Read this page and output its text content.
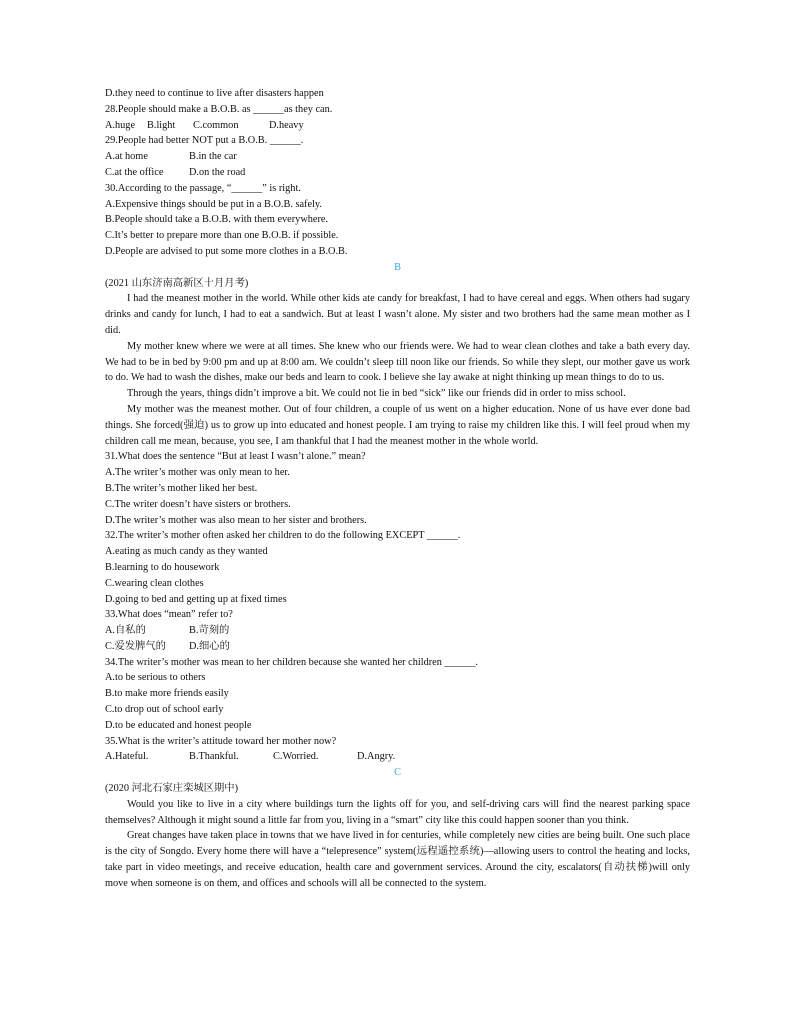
D.they need to continue to live after disasters happen
28.People should make a B.O.B. as ______as they can.
A.huge B.light C.common	D.heavy
29.People had better NOT put a B.O.B. ______.
A.at home	B.in the car
C.at the office D.on the road
30.According to the passage, “______” is right.
A.Expensive things should be put in a B.O.B. safely.
B.People should take a B.O.B. with them everywhere.
C.It’s better to prepare more than one B.O.B. if possible.
D.People are advised to put some more clothes in a B.O.B.
B
(2021 山东济南高新区十月月考)
I had the meanest mother in the world. While other kids ate candy for breakfast, I had to have cereal and eggs. When others had sugary drinks and candy for lunch, I had to eat a sandwich. But at least I wasn’t alone. My sister and two brothers had the same mean mother as I did.
My mother knew where we were at all times. She knew who our friends were. We had to wear clean clothes and take a bath every day. We had to be in bed by 9:00 pm and up at 8:00 am. We couldn’t sleep till noon like our friends. So while they slept, our mother gave us work to do. We had to wash the dishes, make our beds and learn to cook. I believe she lay awake at night thinking up mean things to do to us.
Through the years, things didn’t improve a bit. We could not lie in bed “sick” like our friends did in order to miss school.
My mother was the meanest mother. Out of four children, a couple of us went on a higher education. None of us have ever done bad things. She forced(强迫) us to grow up into educated and honest people. I am trying to raise my children like this. I will feel proud when my children call me mean, because, you see, I am thankful that I had the meanest mother in the whole world.
31.What does the sentence “But at least I wasn’t alone.” mean?
A.The writer’s mother was only mean to her.
B.The writer’s mother liked her best.
C.The writer doesn’t have sisters or brothers.
D.The writer’s mother was also mean to her sister and brothers.
32.The writer’s mother often asked her children to do the following EXCEPT ______.
A.eating as much candy as they wanted
B.learning to do housework
C.wearing clean clothes
D.going to bed and getting up at fixed times
33.What does “mean” refer to?
A.自私的	B.苛刻的
C.爱发脾气的 D.细心的
34.The writer’s mother was mean to her children because she wanted her children ______.
A.to be serious to others
B.to make more friends easily
C.to drop out of school early
D.to be educated and honest people
35.What is the writer’s attitude toward her mother now?
A.Hateful.	B.Thankful.	C.Worried.	D.Angry.
C
(2020 河北石家庄栾城区期中)
Would you like to live in a city where buildings turn the lights off for you, and self-driving cars will find the nearest parking space themselves? Although it might sound a little far from you, living in a “smart” city like this could happen sooner than you think.
Great changes have taken place in towns that we have lived in for centuries, while completely new cities are being built. One such place is the city of Songdo. Every home there will have a “telepresence” system(远程遥控系统)—allowing users to control the heating and locks, take part in video meetings, and receive education, health care and government services. Around the city, escalators(自动扶梯)will only move when someone is on them, and offices and schools will all be connected to the system.
